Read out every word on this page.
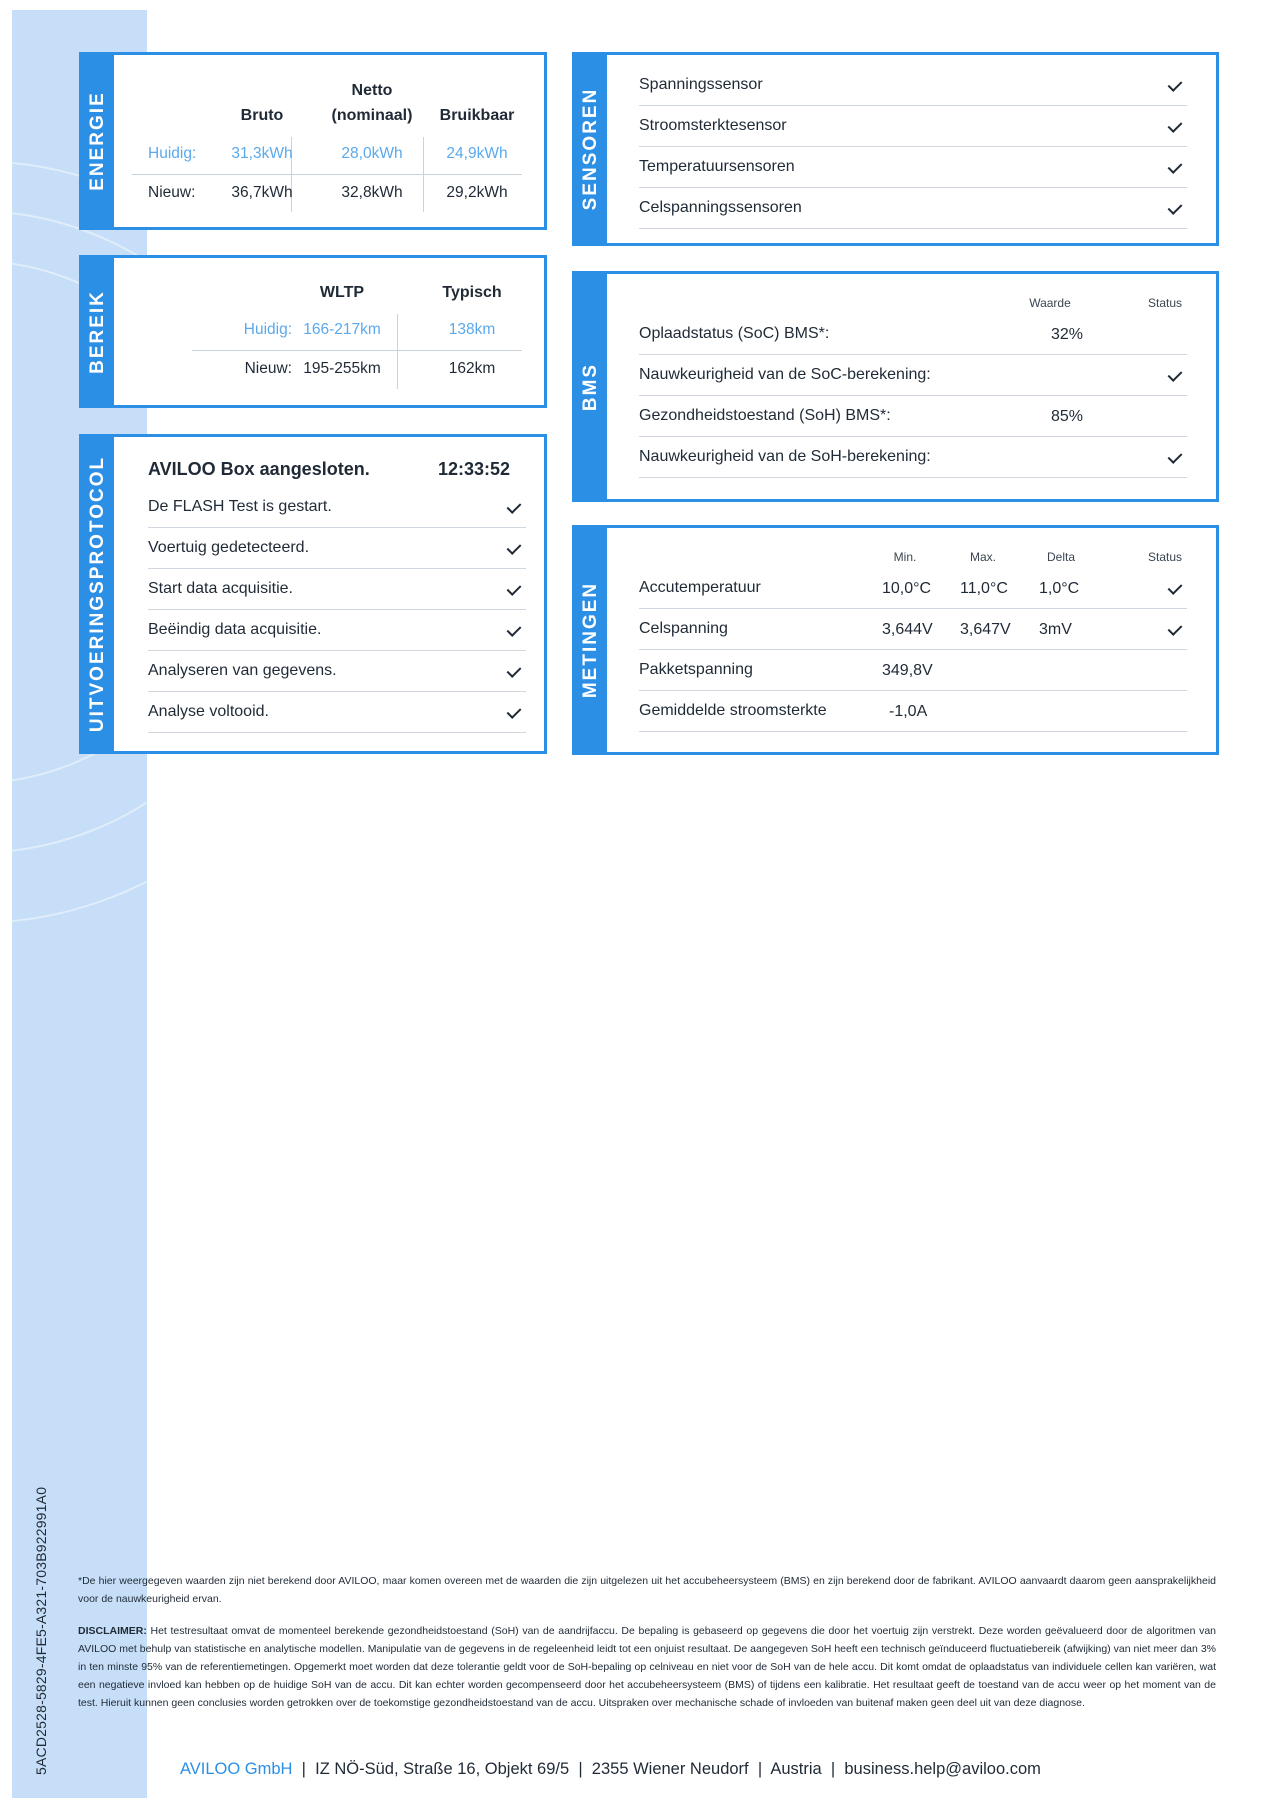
5ACD2528-5829-4FE5-A321-703B922991A0
ENERGIE	Bruto
Netto
(nominaal)	Bruikbaar
Huidig:	31,3kWh	28,0kWh	24,9kWh
Nieuw:	36,7kWh	32,8kWh	29,2kWh
BEREIK	WLTP	Typisch
Huidig: 166-217km	138km
Nieuw: 195-255km	162km
UITVOERINGSPROTOCOL AVILOO Box aangesloten.	12:33:52
De FLASH Test is gestart.
Voertuig gedetecteerd.
Start data acquisitie.
Beëindig data acquisitie.
Analyseren van gegevens.
Analyse voltooid.
SENSOREN
Spanningssensor
Stroomsterktesensor
Temperatuursensoren
Celspanningssensoren
BMS
Waarde	Status
Oplaadstatus (SoC) BMS*:	32%
Nauwkeurigheid van de SoC-berekening:
Gezondheidstoestand (SoH) BMS*:	85%
Nauwkeurigheid van de SoH-berekening:
METINGEN
Min.	Max.	Delta	Status
Accutemperatuur	10,0°C 11,0°C 1,0°C
Celspanning	3,644V 3,647V 3mV
Pakketspanning	349,8V
Gemiddelde stroomsterkte	-1,0A
*De hier weergegeven waarden zijn niet berekend door AVILOO, maar komen overeen met de waarden die zijn uitgelezen uit het accubeheersysteem (BMS) en zijn berekend door de fabrikant. AVILOO aanvaardt daarom geen aansprakelijkheid voor de nauwkeurigheid ervan.
DISCLAIMER: Het testresultaat omvat de momenteel berekende gezondheidstoestand (SoH) van de aandrijfaccu. De bepaling is gebaseerd op gegevens die door het voertuig zijn verstrekt. Deze worden geëvalueerd door de algoritmen van AVILOO met behulp van statistische en analytische modellen. Manipulatie van de gegevens in de regeleenheid leidt tot een onjuist resultaat. De aangegeven SoH heeft een technisch geïnduceerd fluctuatiebereik (afwijking) van niet meer dan 3% in ten minste 95% van de referentiemetingen. Opgemerkt moet worden dat deze tolerantie geldt voor de SoH-bepaling op celniveau en niet voor de SoH van de hele accu. Dit komt omdat de oplaadstatus van individuele cellen kan variëren, wat een negatieve invloed kan hebben op de huidige SoH van de accu. Dit kan echter worden gecompenseerd door het accubeheersysteem (BMS) of tijdens een kalibratie. Het resultaat geeft de toestand van de accu weer op het moment van de test. Hieruit kunnen geen conclusies worden getrokken over de toekomstige gezondheidstoestand van de accu. Uitspraken over mechanische schade of invloeden van buitenaf maken geen deel uit van deze diagnose.
AVILOO GmbH | IZ NÖ-Süd, Straße 16, Objekt 69/5 | 2355 Wiener Neudorf | Austria | business.help@aviloo.com
